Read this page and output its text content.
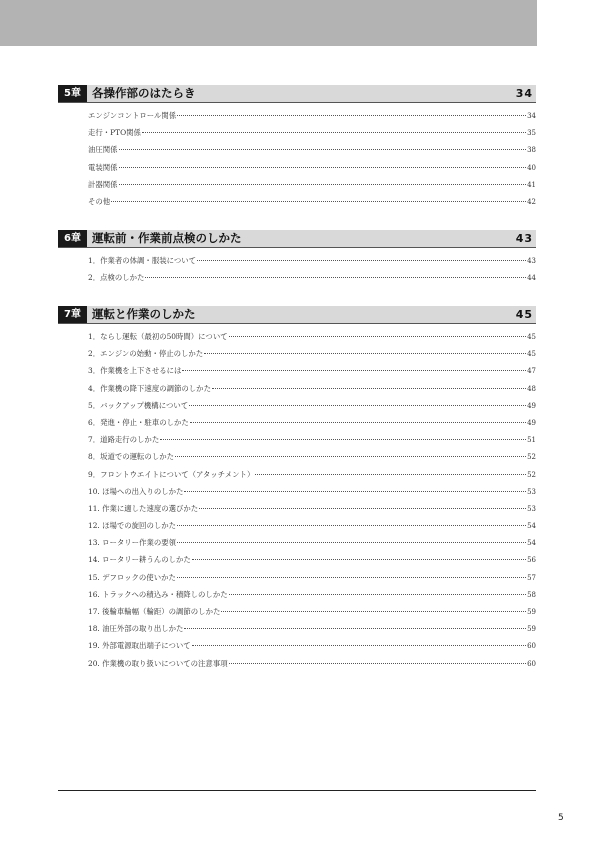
5章 各操作部のはたらき	34
エンジンコントロール関係	34
走行・PTO関係	35
油圧関係	38
電装関係	40
計器関係	41
その他	42
6章 運転前・作業前点検のしかた	43
1．作業者の体調・服装について	43
2．点検のしかた	44
7章 運転と作業のしかた	45
1．ならし運転（最初の50時間）について	45
2．エンジンの始動・停止のしかた	45
3．作業機を上下させるには	47
4．作業機の降下速度の調節のしかた	48
5．バックアップ機構について	49
6．発進・停止・駐車のしかた	49
7．道路走行のしかた	51
8．坂道での運転のしかた	52
9．フロントウエイトについて（アタッチメント）	52
10. ほ場への出入りのしかた	53
11. 作業に適した速度の選びかた	53
12. ほ場での旋回のしかた	54
13. ロータリー作業の要領	54
14. ロータリー耕うんのしかた	56
15. デフロックの使いかた	57
16. トラックへの積込み・積降しのしかた	58
17. 後輪車輪幅（輪距）の調節のしかた	59
18. 油圧外部の取り出しかた	59
19. 外部電源取出端子について	60
20. 作業機の取り扱いについての注意事項	60
5
